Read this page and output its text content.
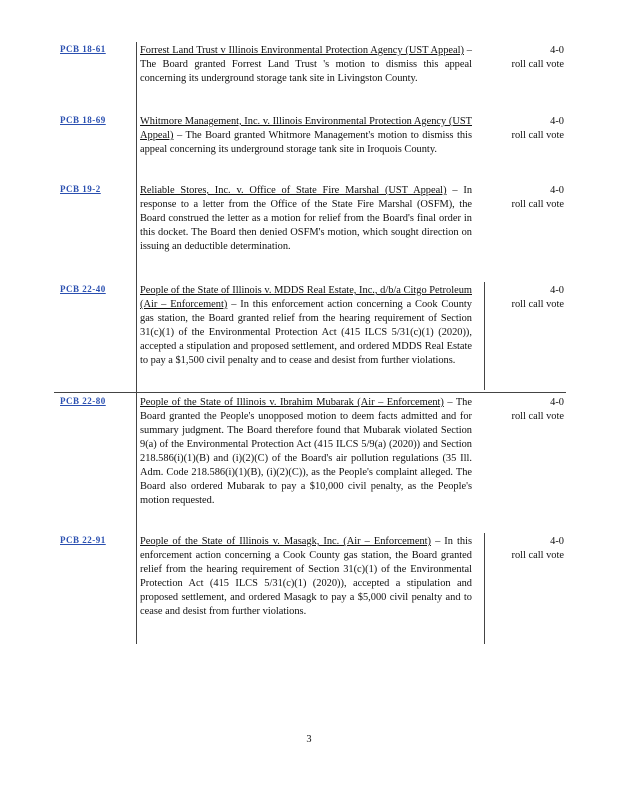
PCB 18-61	Forrest Land Trust v Illinois Environmental Protection Agency (UST Appeal) –The Board granted Forrest Land Trust 's motion to dismiss this appeal concerning its underground storage tank site in Livingston County.

4-0
roll call vote
PCB 18-69	Whitmore Management, Inc. v. Illinois Environmental Protection Agency (UST Appeal) – The Board granted Whitmore Management's motion to dismiss this appeal concerning its underground storage tank site in Iroquois County.

4-0
roll call vote
PCB 19-2	Reliable Stores, Inc. v. Office of State Fire Marshal (UST Appeal) – In response to a letter from the Office of the State Fire Marshal (OSFM), the Board construed the letter as a motion for relief from the Board's final order in this docket. The Board then denied OSFM's motion, which sought direction on issuing an deductible determination.

4-0
roll call vote
PCB 22-40	People of the State of Illinois v. MDDS Real Estate, Inc., d/b/a Citgo Petroleum (Air – Enforcement) – In this enforcement action concerning a Cook County gas station, the Board granted relief from the hearing requirement of Section 31(c)(1) of the Environmental Protection Act (415 ILCS 5/31(c)(1) (2020)), accepted a stipulation and proposed settlement, and ordered MDDS Real Estate to pay a $1,500 civil penalty and to cease and desist from further violations.

4-0
roll call vote
PCB 22-80	People of the State of Illinois v. Ibrahim Mubarak (Air – Enforcement) – The Board granted the People's unopposed motion to deem facts admitted and for summary judgment. The Board therefore found that Mubarak violated Section 9(a) of the Environmental Protection Act (415 ILCS 5/9(a) (2020)) and Section 218.586(i)(1)(B) and (i)(2)(C) of the Board's air pollution regulations (35 Ill. Adm. Code 218.586(i)(1)(B), (i)(2)(C)), as the People's complaint alleged. The Board also ordered Mubarak to pay a $10,000 civil penalty, as the People's motion requested.

4-0
roll call vote
PCB 22-91	People of the State of Illinois v. Masagk, Inc. (Air – Enforcement) – In this enforcement action concerning a Cook County gas station, the Board granted relief from the hearing requirement of Section 31(c)(1) of the Environmental Protection Act (415 ILCS 5/31(c)(1) (2020)), accepted a stipulation and proposed settlement, and ordered Masagk to pay a $5,000 civil penalty and to cease and desist from further violations.

4-0
roll call vote
3
